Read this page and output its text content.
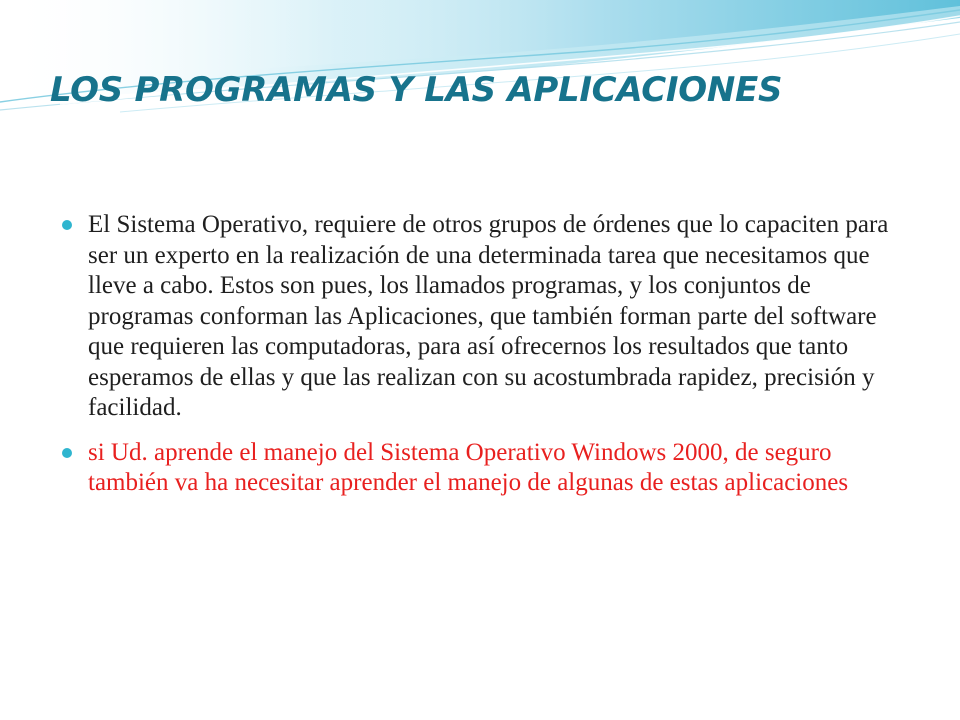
LOS PROGRAMAS Y LAS APLICACIONES
El Sistema Operativo, requiere de otros grupos de órdenes que lo capaciten para ser un experto en la realización de una determinada tarea que necesitamos que lleve a cabo. Estos son pues, los llamados programas, y los conjuntos de programas conforman las Aplicaciones, que también forman parte del software que requieren las computadoras, para así ofrecernos los resultados que tanto esperamos de ellas y que las realizan con su acostumbrada rapidez, precisión y facilidad.
si Ud. aprende el manejo del Sistema Operativo Windows 2000, de seguro también va ha necesitar aprender el manejo de algunas de estas aplicaciones
